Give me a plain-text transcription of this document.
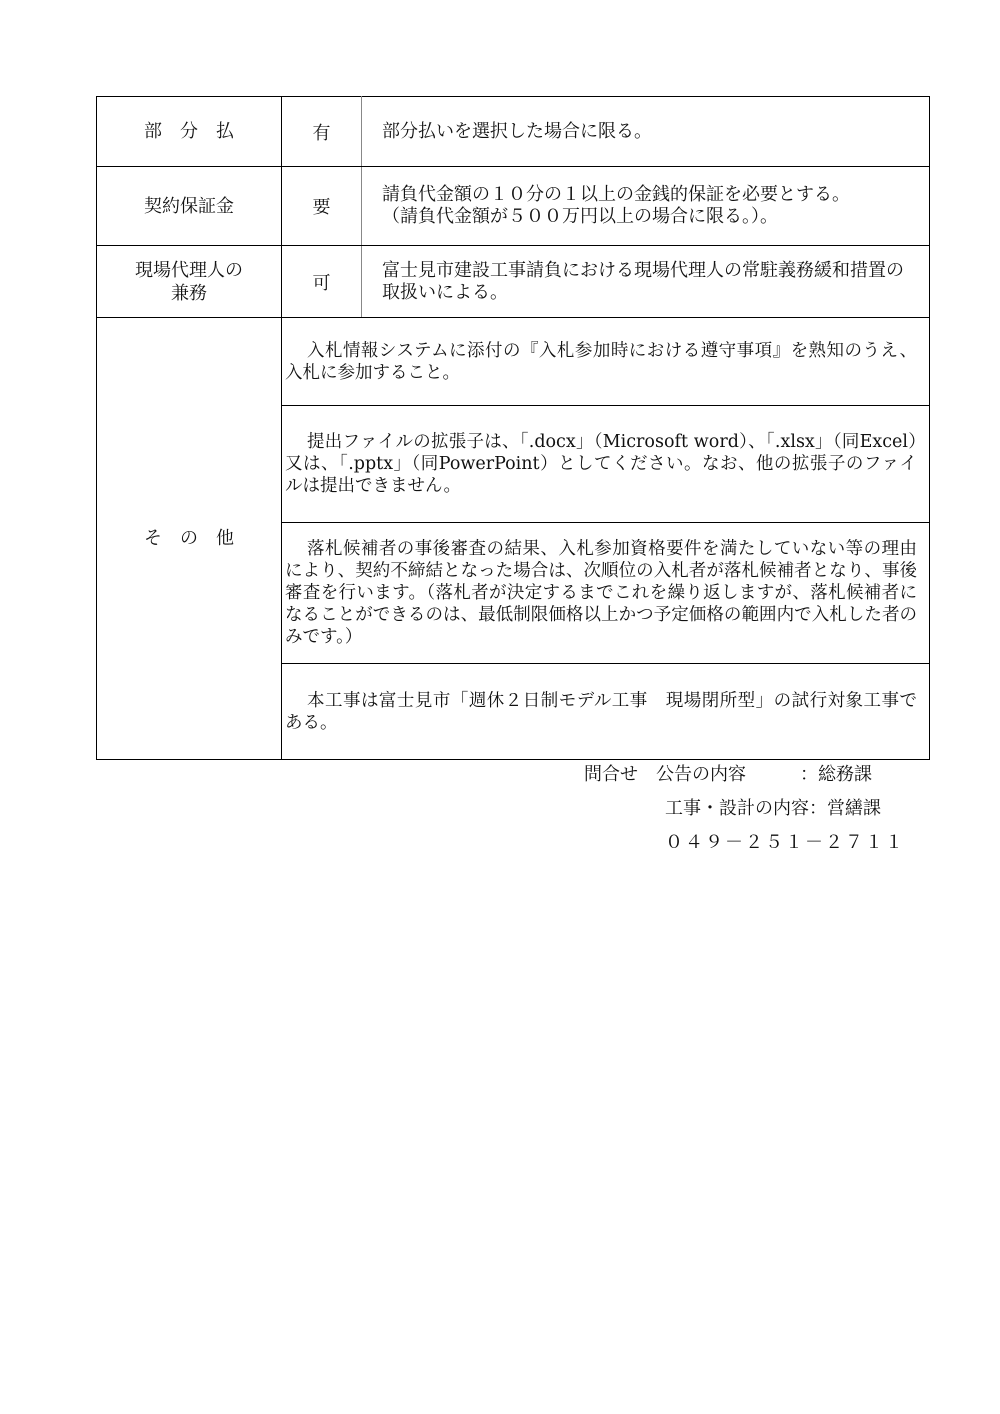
部　分　払	有	部分払いを選択した場合に限る。
契約保証金	要	請負代金額の１０分の１以上の金銭的保証を必要とする。
（請負代金額が５００万円以上の場合に限る。）。

現場代理人の
兼務	可	富士見市建設工事請負における現場代理人の常駐義務緩和措置の取扱いによる。
そ　の　他	入札情報システムに添付の『入札参加時における遵守事項』を熟知のうえ、入札に参加すること。	
	提出ファイルの拡張子は、「.docx」（Microsoft word）、「.xlsx」（同Excel）又は、「.pptx」（同PowerPoint）としてください。なお、他の拡張子のファイルは提出できません。	
	落札候補者の事後審査の結果、入札参加資格要件を満たしていない等の理由により、契約不締結となった場合は、次順位の入札者が落札候補者となり、事後審査を行います。（落札者が決定するまでこれを繰り返しますが、落札候補者になることができるのは、最低制限価格以上かつ予定価格の範囲内で入札した者のみです。）	
	本工事は富士見市「週休２日制モデル工事　現場閉所型」の試行対象工事である。	
問合せ　公告の内容　　　：総務課
工事・設計の内容：営繕課
０４９－２５１－２７１１
